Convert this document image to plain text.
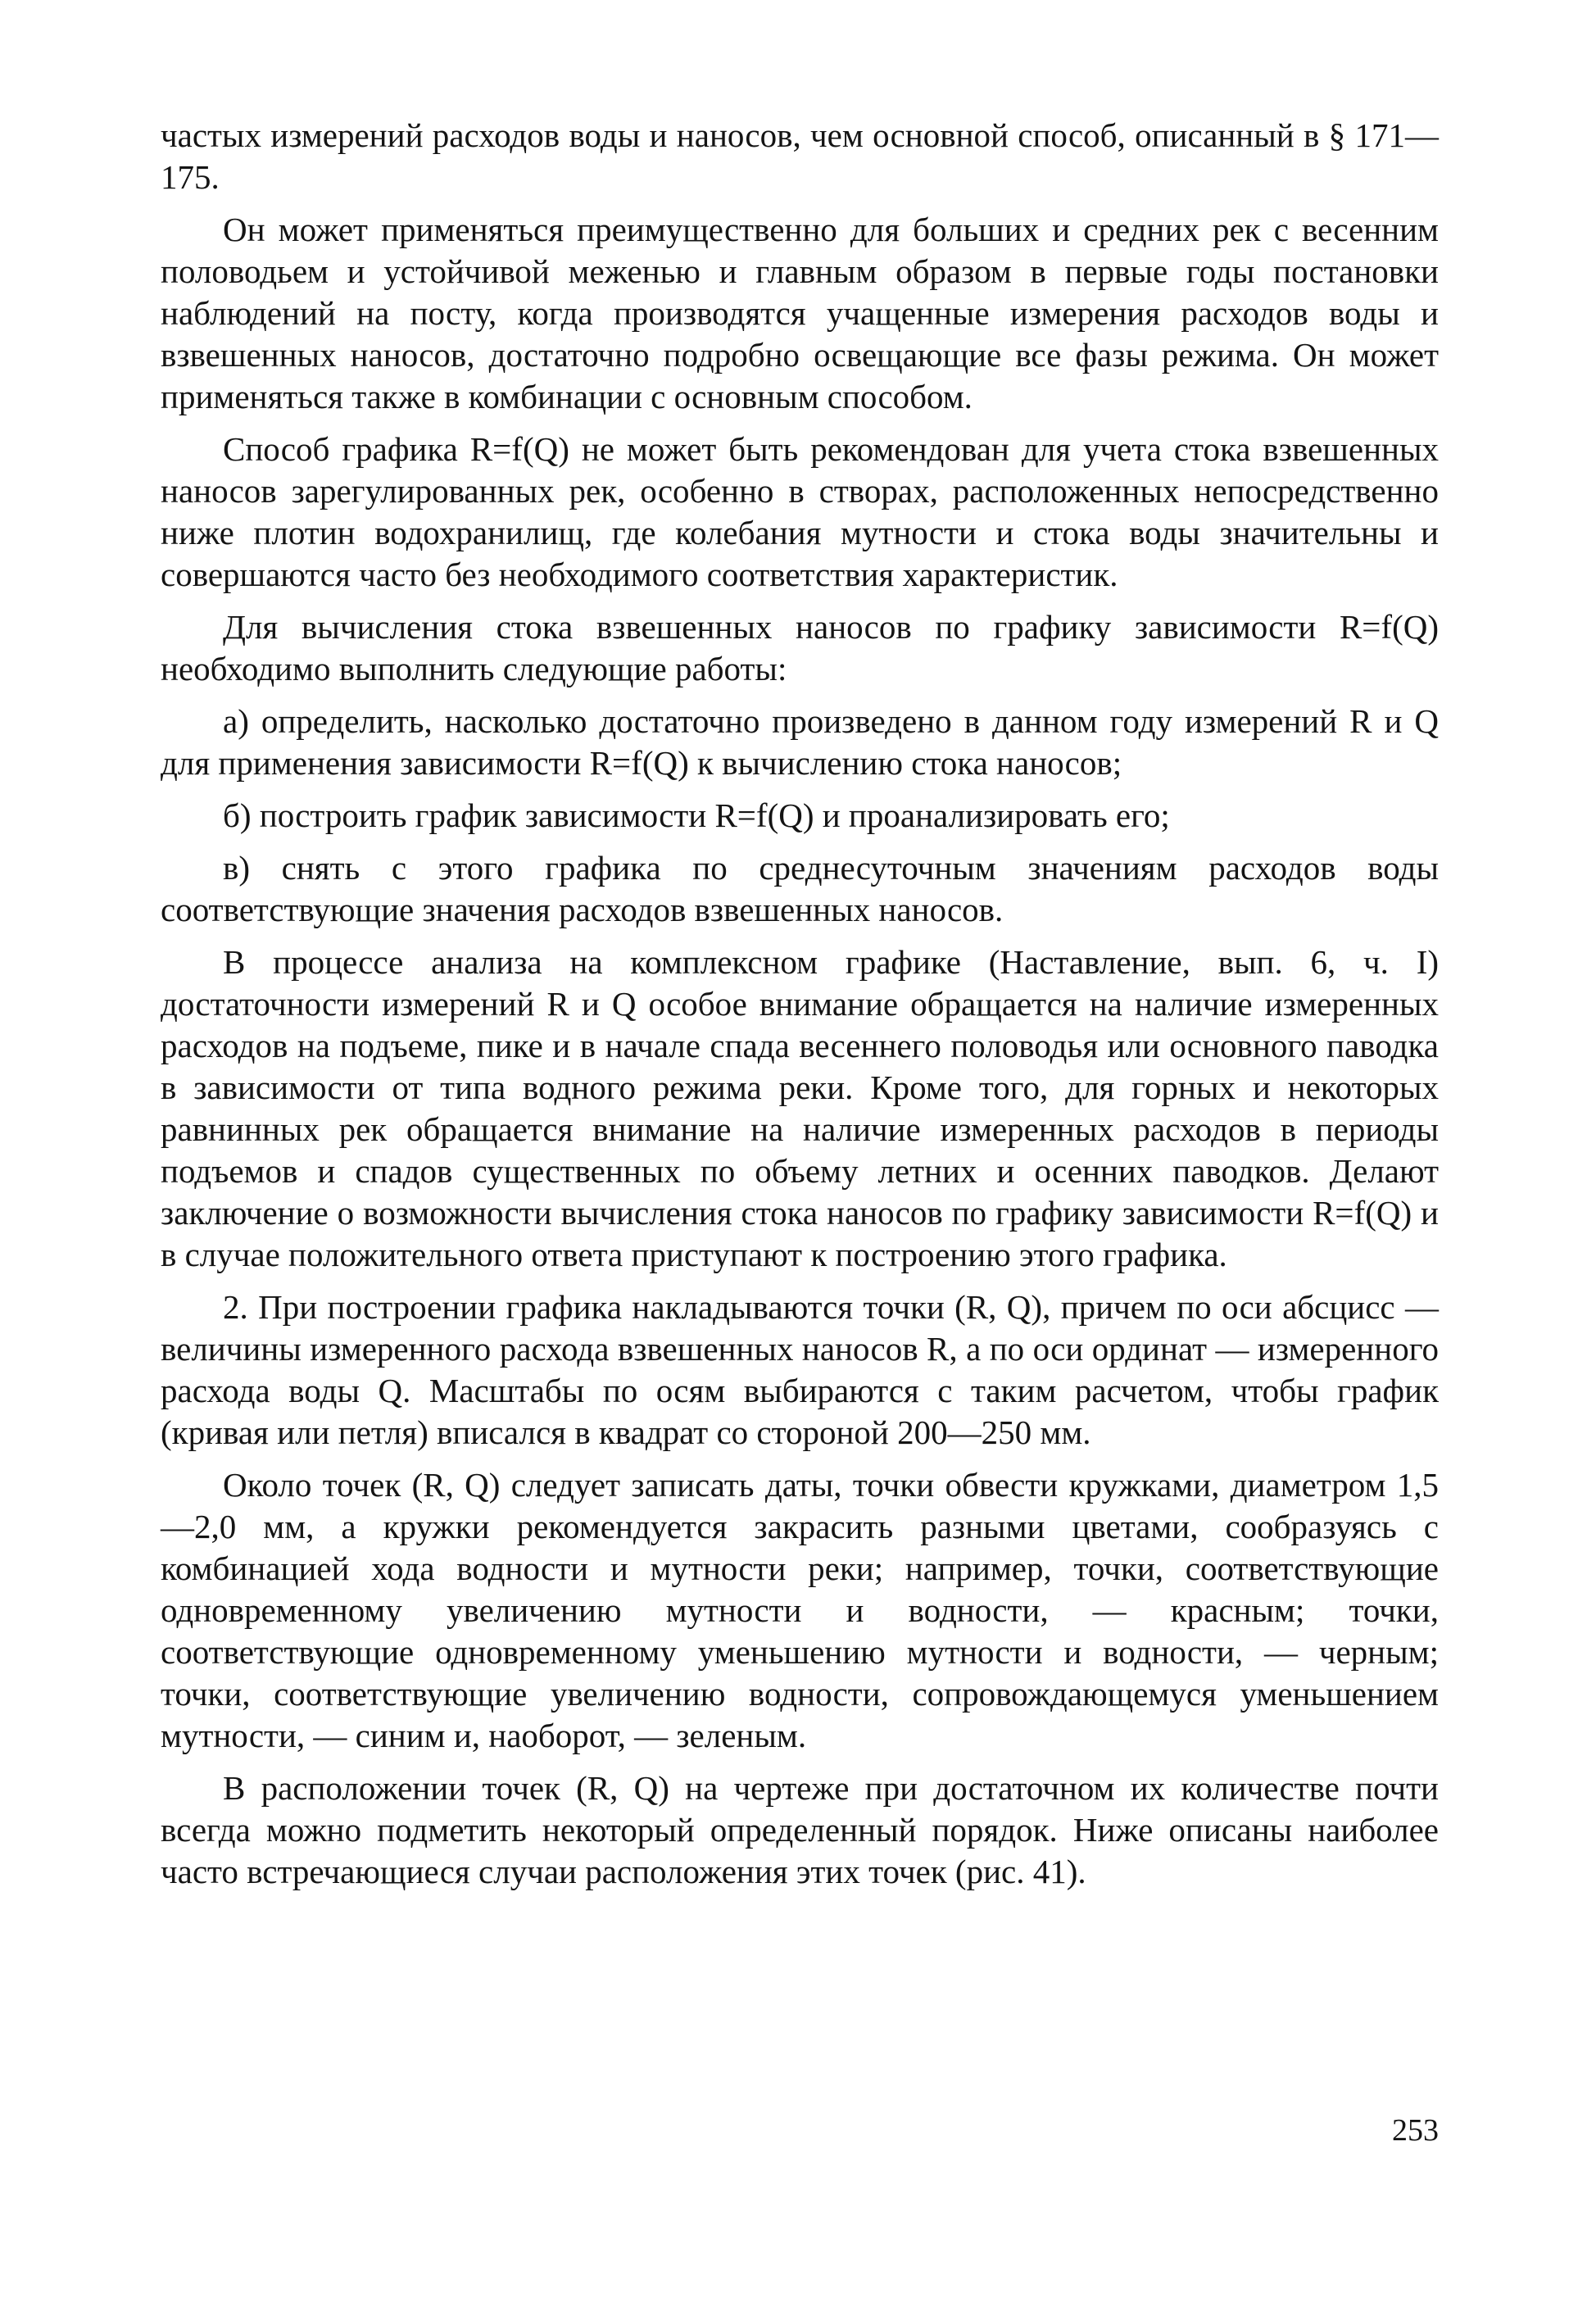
частых измерений расходов воды и наносов, чем основной способ, описанный в § 171—175.

Он может применяться преимущественно для больших и средних рек с весенним половодьем и устойчивой меженью и главным образом в первые годы постановки наблюдений на посту, когда производятся учащенные измерения расходов воды и взвешенных наносов, достаточно подробно освещающие все фазы режима. Он может применяться также в комбинации с основным способом.

Способ графика R=f(Q) не может быть рекомендован для учета стока взвешенных наносов зарегулированных рек, особенно в створах, расположенных непосредственно ниже плотин водохранилищ, где колебания мутности и стока воды значительны и совершаются часто без необходимого соответствия характеристик.

Для вычисления стока взвешенных наносов по графику зависимости R=f(Q) необходимо выполнить следующие работы:

а) определить, насколько достаточно произведено в данном году измерений R и Q для применения зависимости R=f(Q) к вычислению стока наносов;

б) построить график зависимости R=f(Q) и проанализировать его;

в) снять с этого графика по среднесуточным значениям расходов воды соответствующие значения расходов взвешенных наносов.

В процессе анализа на комплексном графике (Наставление, вып. 6, ч. I) достаточности измерений R и Q особое внимание обращается на наличие измеренных расходов на подъеме, пике и в начале спада весеннего половодья или основного паводка в зависимости от типа водного режима реки. Кроме того, для горных и некоторых равнинных рек обращается внимание на наличие измеренных расходов в периоды подъемов и спадов существенных по объему летних и осенних паводков. Делают заключение о возможности вычисления стока наносов по графику зависимости R=f(Q) и в случае положительного ответа приступают к построению этого графика.

2. При построении графика накладываются точки (R, Q), причем по оси абсцисс — величины измеренного расхода взвешенных наносов R, а по оси ординат — измеренного расхода воды Q. Масштабы по осям выбираются с таким расчетом, чтобы график (кривая или петля) вписался в квадрат со стороной 200—250 мм.

Около точек (R, Q) следует записать даты, точки обвести кружками, диаметром 1,5—2,0 мм, а кружки рекомендуется закрасить разными цветами, сообразуясь с комбинацией хода водности и мутности реки; например, точки, соответствующие одновременному увеличению мутности и водности, — красным; точки, соответствующие одновременному уменьшению мутности и водности, — черным; точки, соответствующие увеличению водности, сопровождающемуся уменьшением мутности, — синим и, наоборот, — зеленым.

В расположении точек (R, Q) на чертеже при достаточном их количестве почти всегда можно подметить некоторый определенный порядок. Ниже описаны наиболее часто встречающиеся случаи расположения этих точек (рис. 41).

253
